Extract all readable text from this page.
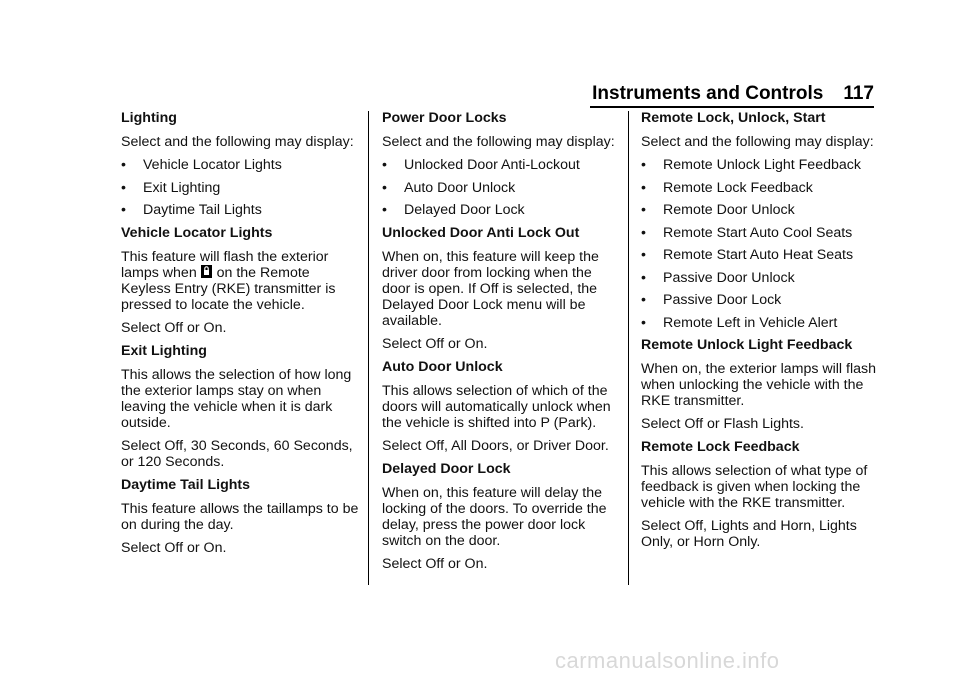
Instruments and Controls 117
Lighting
Select and the following may display:
•	Vehicle Locator Lights
•	Exit Lighting
•	Daytime Tail Lights
Vehicle Locator Lights
This feature will flash the exterior lamps when on the Remote Keyless Entry (RKE) transmitter is pressed to locate the vehicle.
Select Off or On.
Exit Lighting
This allows the selection of how long the exterior lamps stay on when leaving the vehicle when it is dark outside.
Select Off, 30 Seconds, 60 Seconds, or 120 Seconds.
Daytime Tail Lights
This feature allows the taillamps to be on during the day.
Select Off or On.
Power Door Locks
Select and the following may display:
•	Unlocked Door Anti-Lockout
•	Auto Door Unlock
•	Delayed Door Lock
Unlocked Door Anti Lock Out
When on, this feature will keep the driver door from locking when the door is open. If Off is selected, the Delayed Door Lock menu will be available.
Select Off or On.
Auto Door Unlock
This allows selection of which of the doors will automatically unlock when the vehicle is shifted into P (Park).
Select Off, All Doors, or Driver Door.
Delayed Door Lock
When on, this feature will delay the locking of the doors. To override the delay, press the power door lock switch on the door.
Select Off or On.
Remote Lock, Unlock, Start
Select and the following may display:
•	Remote Unlock Light Feedback
•	Remote Lock Feedback
•	Remote Door Unlock
•	Remote Start Auto Cool Seats
•	Remote Start Auto Heat Seats
•	Passive Door Unlock
•	Passive Door Lock
•	Remote Left in Vehicle Alert
Remote Unlock Light Feedback
When on, the exterior lamps will flash when unlocking the vehicle with the RKE transmitter.
Select Off or Flash Lights.
Remote Lock Feedback
This allows selection of what type of feedback is given when locking the vehicle with the RKE transmitter.
Select Off, Lights and Horn, Lights Only, or Horn Only.
carmanualsonline.info
